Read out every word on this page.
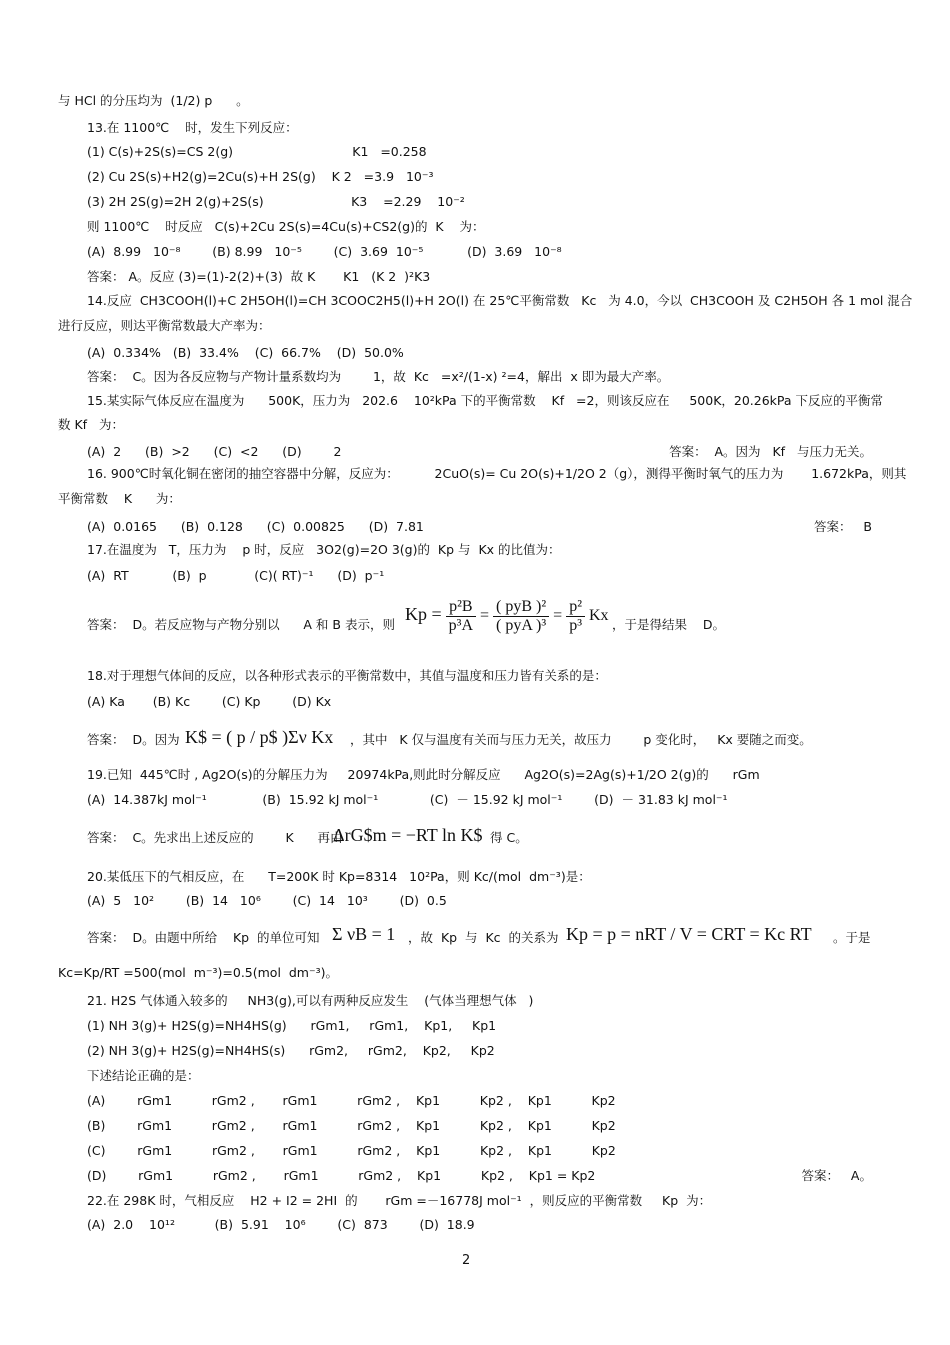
与 HCl 的分压均为  (1/2) p      。
13.在 1100℃    时，发生下列反应：
(1) C(s)+2S(s)=CS 2(g)                              K1   =0.258
(2) Cu 2S(s)+H2(g)=2Cu(s)+H 2S(g)    K 2   =3.9   10⁻³
(3) 2H 2S(g)=2H 2(g)+2S(s)                      K3    =2.29    10⁻²
则 1100℃    时反应   C(s)+2Cu 2S(s)=4Cu(s)+CS2(g)的  K    为：
(A)  8.99   10⁻⁸        (B) 8.99   10⁻⁵        (C)  3.69  10⁻⁵           (D)  3.69   10⁻⁸
答案： A。反应 (3)=(1)-2(2)+(3)  故 K       K1   (K 2  )²K3
14.反应  CH3COOH(l)+C 2H5OH(l)=CH 3COOC2H5(l)+H 2O(l) 在 25℃平衡常数   Kc   为 4.0，今以  CH3COOH 及 C2H5OH 各 1 mol 混合
进行反应，则达平衡常数最大产率为：
(A)  0.334%   (B)  33.4%    (C)  66.7%    (D)  50.0%
答案：  C。因为各反应物与产物计量系数均为        1，故  Kc   =x²/(1-x) ²=4，解出  x 即为最大产率。
15.某实际气体反应在温度为      500K，压力为   202.6    10²kPa 下的平衡常数    Kf   =2，则该反应在     500K，20.26kPa 下反应的平衡常
数 Kf   为：
(A)  2      (B)  >2      (C)  <2      (D)        2
16. 900℃时氧化铜在密闭的抽空容器中分解，反应为：         2CuO(s)= Cu 2O(s)+1/2O 2（g），测得平衡时氧气的压力为       1.672kPa，则其
平衡常数    K      为：
(A)  0.0165      (B)  0.128      (C)  0.00825      (D)  7.81
17.在温度为   T，压力为    p 时，反应   3O2(g)=2O 3(g)的  Kp 与  Kx 的比值为：
(A)  RT           (B)  p            (C)( RT)⁻¹      (D)  p⁻¹
答案：  D。若反应物与产物分别以      A 和 B 表示，则
18.对于理想气体间的反应，以各种形式表示的平衡常数中，其值与温度和压力皆有关系的是：
(A) Ka       (B) Kc        (C) Kp        (D) Kx
答案：  D。因为
19.已知  445℃时 , Ag2O(s)的分解压力为     20974kPa,则此时分解反应      Ag2O(s)=2Ag(s)+1/2O 2(g)的      rGm
(A)  14.387kJ mol⁻¹              (B)  15.92 kJ mol⁻¹             (C)  － 15.92 kJ mol⁻¹        (D)  － 31.83 kJ mol⁻¹
答案：  C。先求出上述反应的        K      再由
20.某低压下的气相反应，在      T=200K 时 Kp=8314   10²Pa，则 Kc/(mol  dm⁻³)是：
(A)  5   10²        (B)  14   10⁶        (C)  14   10³        (D)  0.5
答案：  D。由题中所给    Kp  的单位可知
Kc=Kp/RT =500(mol  m⁻³)=0.5(mol  dm⁻³)。
21. H2S 气体通入较多的     NH3(g),可以有两种反应发生    (气体当理想气体   )
(1) NH 3(g)+ H2S(g)=NH4HS(g)      rGm1,     rGm1,    Kp1,     Kp1
(2) NH 3(g)+ H2S(g)=NH4HS(s)      rGm2,     rGm2,    Kp2,     Kp2
下述结论正确的是：
(A)        rGm1          rGm2 ,       rGm1          rGm2 ,    Kp1          Kp2 ,    Kp1          Kp2
(B)        rGm1          rGm2 ,       rGm1          rGm2 ,    Kp1          Kp2 ,    Kp1          Kp2
(C)        rGm1          rGm2 ,       rGm1          rGm2 ,    Kp1          Kp2 ,    Kp1          Kp2
(D)        rGm1          rGm2 ,       rGm1          rGm2 ,    Kp1          Kp2 ,    Kp1 = Kp2
22.在 298K 时，气相反应    H2 + I2 = 2HI  的       rGm =－16778J mol⁻¹  ，则反应的平衡常数     Kp  为：
(A)  2.0    10¹²          (B)  5.91    10⁶        (C)  873        (D)  18.9
答案：  A。因为   Kf   与压力无关。
答案：   B
答案：   A。
，于是得结果    D。
，其中   K 仅与温度有关而与压力无关，故压力        p 变化时，   Kx 要随之而变。
得 C。
，故  Kp  与  Kc  的关系为	。于是
$Kp = \frac{\text{p²B}}{\text{p³A}} = \frac{\text{( pyB )²}}{\text{( pyA )³}} = \frac{\text{p²}}{\text{p³}}$ Kx
K$ = ( p / p$ )Σν Kx
ΔrG$m = −RT ln K$
Σ νB = 1	Kp = p = nRT / V = CRT = Kc RT
2
